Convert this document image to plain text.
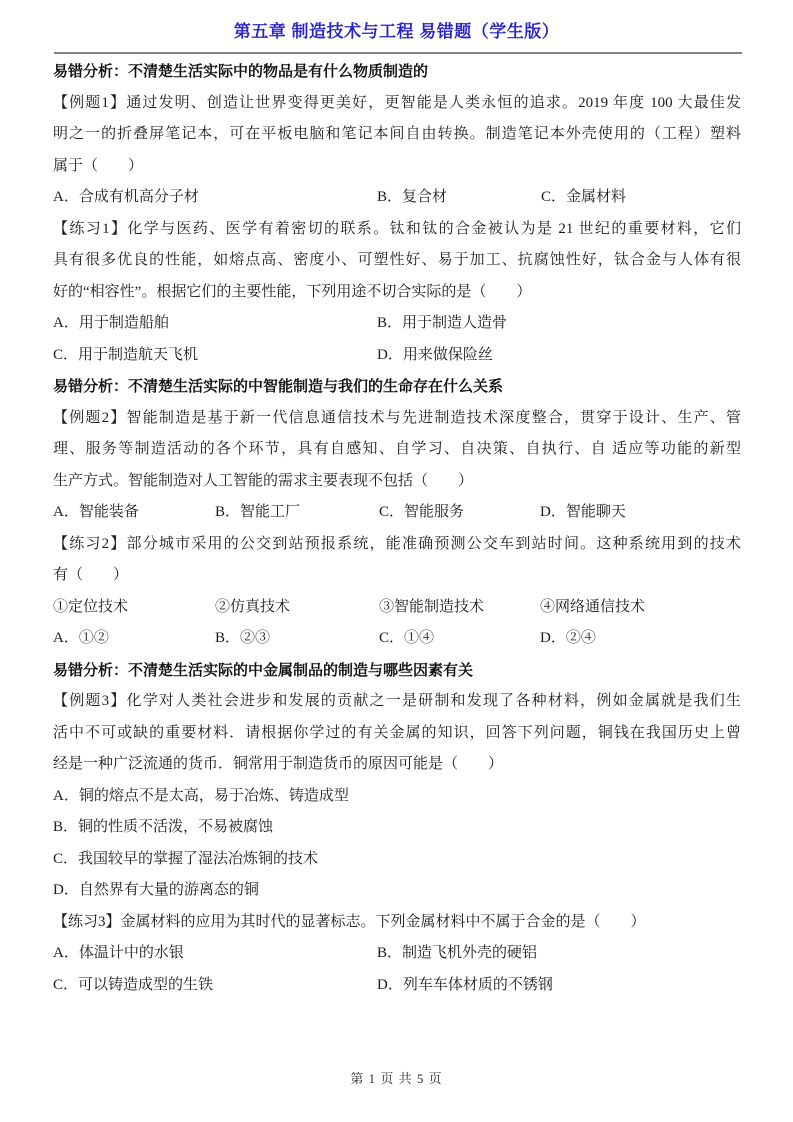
第五章 制造技术与工程 易错题（学生版）
易错分析：不清楚生活实际中的物品是有什么物质制造的
【例题1】通过发明、创造让世界变得更美好，更智能是人类永恒的追求。2019 年度 100 大最佳发
明之一的折叠屏笔记本，可在平板电脑和笔记本间自由转换。制造笔记本外壳使用的（工程）塑料
属于（　　）
A．合成有机高分子材	B．复合材	C．金属材料
【练习1】化学与医药、医学有着密切的联系。钛和钛的合金被认为是 21 世纪的重要材料，它们
具有很多优良的性能，如熔点高、密度小、可塑性好、易于加工、抗腐蚀性好，钛合金与人体有很
好的“相容性”。根据它们的主要性能，下列用途不切合实际的是（　　）
A．用于制造船舶	B．用于制造人造骨
C．用于制造航天飞机	D．用来做保险丝
易错分析：不清楚生活实际的中智能制造与我们的生命存在什么关系
【例题2】智能制造是基于新一代信息通信技术与先进制造技术深度整合，贯穿于设计、生产、管
理、服务等制造活动的各个环节，具有自感知、自学习、自决策、自执行、自 适应等功能的新型
生产方式。智能制造对人工智能的需求主要表现不包括（　　）
A．智能装备	B．智能工厂	C．智能服务	D．智能聊天
【练习2】部分城市采用的公交到站预报系统，能准确预测公交车到站时间。这种系统用到的技术
有（　　）
①定位技术	②仿真技术	③智能制造技术	④网络通信技术
A．①②	B．②③	C．①④	D．②④
易错分析：不清楚生活实际的中金属制品的制造与哪些因素有关
【例题3】化学对人类社会进步和发展的贡献之一是研制和发现了各种材料，例如金属就是我们生
活中不可或缺的重要材料．请根据你学过的有关金属的知识，回答下列问题，铜钱在我国历史上曾
经是一种广泛流通的货币．铜常用于制造货币的原因可能是（　　）
A．铜的熔点不是太高，易于冶炼、铸造成型
B．铜的性质不活泼，不易被腐蚀
C．我国较早的掌握了湿法冶炼铜的技术
D．自然界有大量的游离态的铜
【练习3】金属材料的应用为其时代的显著标志。下列金属材料中不属于合金的是（　　）
A．体温计中的水银	B．制造飞机外壳的硬铝
C．可以铸造成型的生铁	D．列车车体材质的不锈钢
第 1 页 共 5 页
